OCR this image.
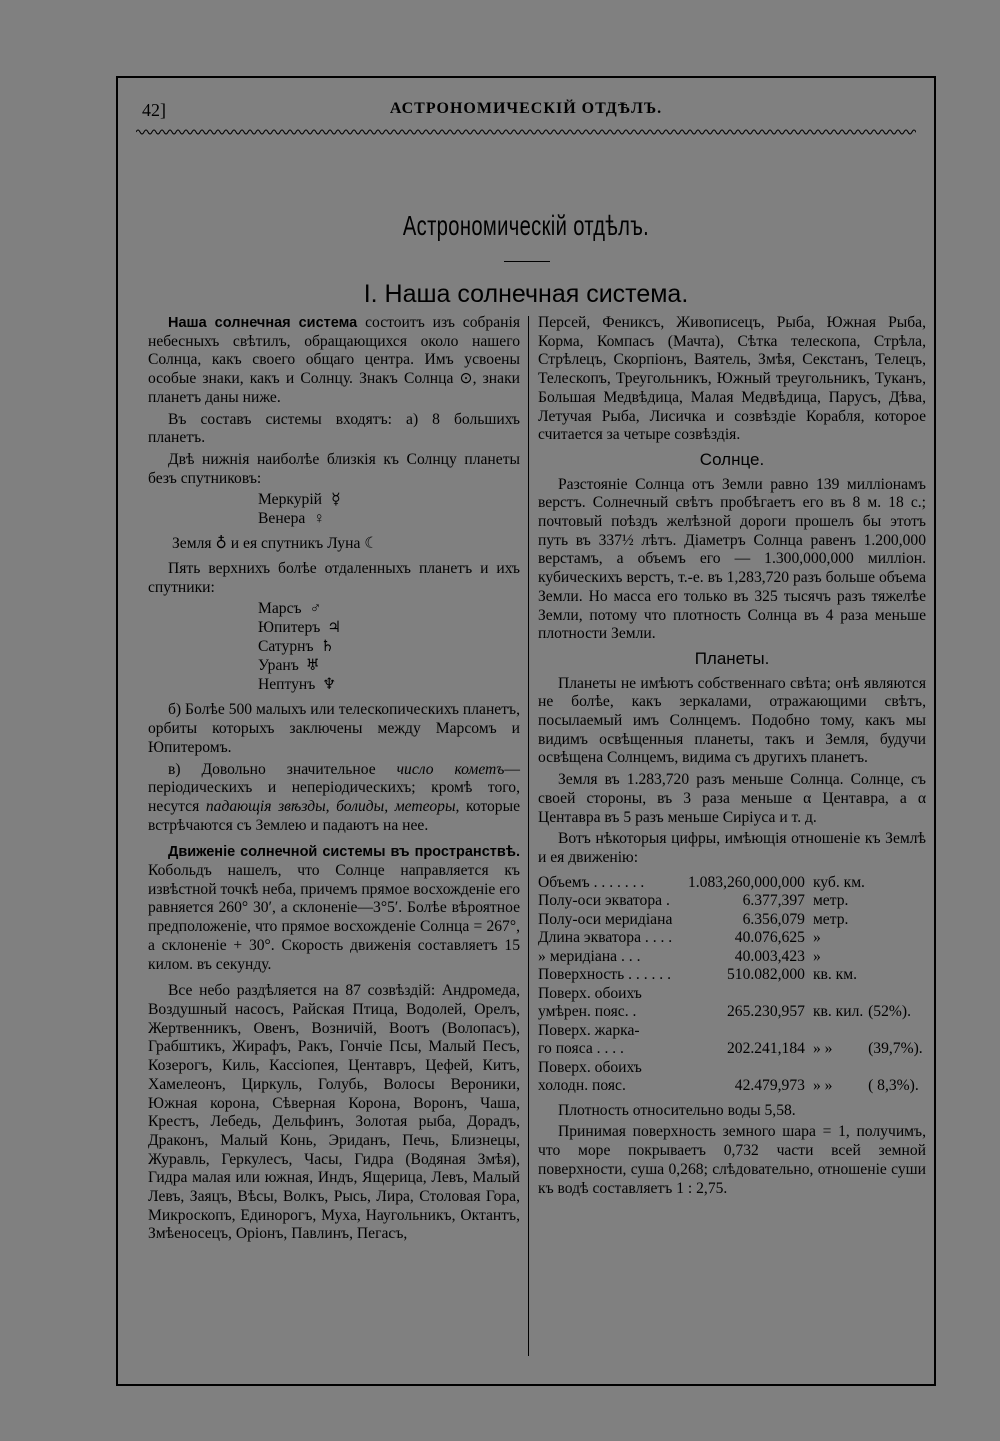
42]	АСТРОНОМИЧЕСКІЙ ОТДѢЛЪ.
Астрономическій отдѣлъ.
I. Наша солнечная система.

Наша солнечная система состоитъ изъ собранія небесныхъ свѣтилъ, обращающихся около нашего Солнца, какъ своего общаго центра. Имъ усвоены особые знаки, какъ и Солнцу. Знакъ Солнца ⊙, знаки планетъ даны ниже.

Въ составъ системы входятъ: а) 8 большихъ планетъ.

Двѣ нижнія наиболѣе близкія къ Солнцу планеты безъ спутниковъ:

Меркурій ☿
Венера ♀
Земля ♁ и ея спутникъ Луна ☾

Пять верхнихъ болѣе отдаленныхъ планетъ и ихъ спутники:

Марсъ ♂
Юпитеръ ♃
Сатурнъ ♄
Уранъ ♅
Нептунъ ♆

б) Болѣе 500 малыхъ или телескопическихъ планетъ, орбиты которыхъ заключены между Марсомъ и Юпитеромъ.

в) Довольно значительное число кометъ— періодическихъ и неперіодическихъ; кромѣ того, несутся падающія звѣзды, болиды, метеоры, которые встрѣчаются съ Землею и падаютъ на нее.

Движеніе солнечной системы въ пространствѣ. Кобольдъ нашелъ, что Солнце направляется къ извѣстной точкѣ неба, причемъ прямое восхожденіе его равняется 260° 30′, а склоненіе—3°5′. Болѣе вѣроятное предположеніе, что прямое восхожденіе Солнца = 267°, а склоненіе + 30°. Скорость движенія составляетъ 15 килом. въ секунду.

Все небо раздѣляется на 87 созвѣздій: Андромеда, Воздушный насосъ, Райская Птица, Водолей, Орелъ, Жертвенникъ, Овенъ, Возничій, Воотъ (Волопасъ), Грабштикъ, Жирафъ, Ракъ, Гончіе Псы, Малый Песъ, Козерогъ, Киль, Кассіопея, Центавръ, Цефей, Китъ, Хамелеонъ, Циркуль, Голубь, Волосы Вероники, Южная корона, Сѣверная Корона, Воронъ, Чаша, Крестъ, Лебедь, Дельфинъ, Золотая рыба, Дорадъ, Драконъ, Малый Конь, Эриданъ, Печь, Близнецы, Журавль, Геркулесъ, Часы, Гидра (Водяная Змѣя), Гидра малая или южная, Индъ, Ящерица, Левъ, Малый Левъ, Заяцъ, Вѣсы, Волкъ, Рысь, Лира, Столовая Гора, Микроскопъ, Единорогъ, Муха, Наугольникъ, Октантъ, Змѣеносецъ, Оріонъ, Павлинъ, Пегасъ,

Персей, Фениксъ, Живописецъ, Рыба, Южная Рыба, Корма, Компасъ (Мачта), Сѣтка телескопа, Стрѣла, Стрѣлецъ, Скорпіонъ, Ваятель, Змѣя, Секстанъ, Телецъ, Телескопъ, Треугольникъ, Южный треугольникъ, Туканъ, Большая Медвѣдица, Малая Медвѣдица, Парусъ, Дѣва, Летучая Рыба, Лисичка и созвѣздіе Корабля, которое считается за четыре созвѣздія.

Солнце.

Разстояніе Солнца отъ Земли равно 139 милліонамъ верстъ. Солнечный свѣтъ пробѣгаетъ его въ 8 м. 18 с.; почтовый поѣздъ желѣзной дороги прошелъ бы этотъ путь въ 337½ лѣтъ. Діаметръ Солнца равенъ 1.200,000 верстамъ, а объемъ его — 1.300,000,000 милліон. кубическихъ верстъ, т.-е. въ 1,283,720 разъ больше объема Земли. Но масса его только въ 325 тысячъ разъ тяжелѣе Земли, потому что плотность Солнца въ 4 раза меньше плотности Земли.

Планеты.

Планеты не имѣютъ собственнаго свѣта; онѣ являются не болѣе, какъ зеркалами, отражающими свѣтъ, посылаемый имъ Солнцемъ. Подобно тому, какъ мы видимъ освѣщенныя планеты, такъ и Земля, будучи освѣщена Солнцемъ, видима съ другихъ планетъ.

Земля въ 1.283,720 разъ меньше Солнца. Солнце, съ своей стороны, въ 3 раза меньше α Центавра, а α Центавра въ 5 разъ меньше Сиріуса и т. д.

Вотъ нѣкоторыя цифры, имѣющія отношеніе къ Землѣ и ея движенію:

Объемъ . . . . . . .	1.083,260,000,000	куб. км.	
Полу-оси экватора .	6.377,397	метр.	
Полу-оси меридіана	6.356,079	метр.	
Длина экватора . . . .	40.076,625	»	
» меридіана . . .	40.003,423	»	
Поверхность . . . . . .	510.082,000	кв. км.	
Поверх. обоихъ			
умѣрен. пояс. .	265.230,957	кв. кил.	(52%).
Поверх. жарка-			
го пояса . . . .	202.241,184	» »	(39,7%).
Поверх. обоихъ			
холодн. пояс.	42.479,973	» »	( 8,3%).

Плотность относительно воды 5,58.

Принимая поверхность земного шара = 1, получимъ, что море покрываетъ 0,732 части всей земной поверхности, суша 0,268; слѣдовательно, отношеніе суши къ водѣ составляетъ 1 : 2,75.
